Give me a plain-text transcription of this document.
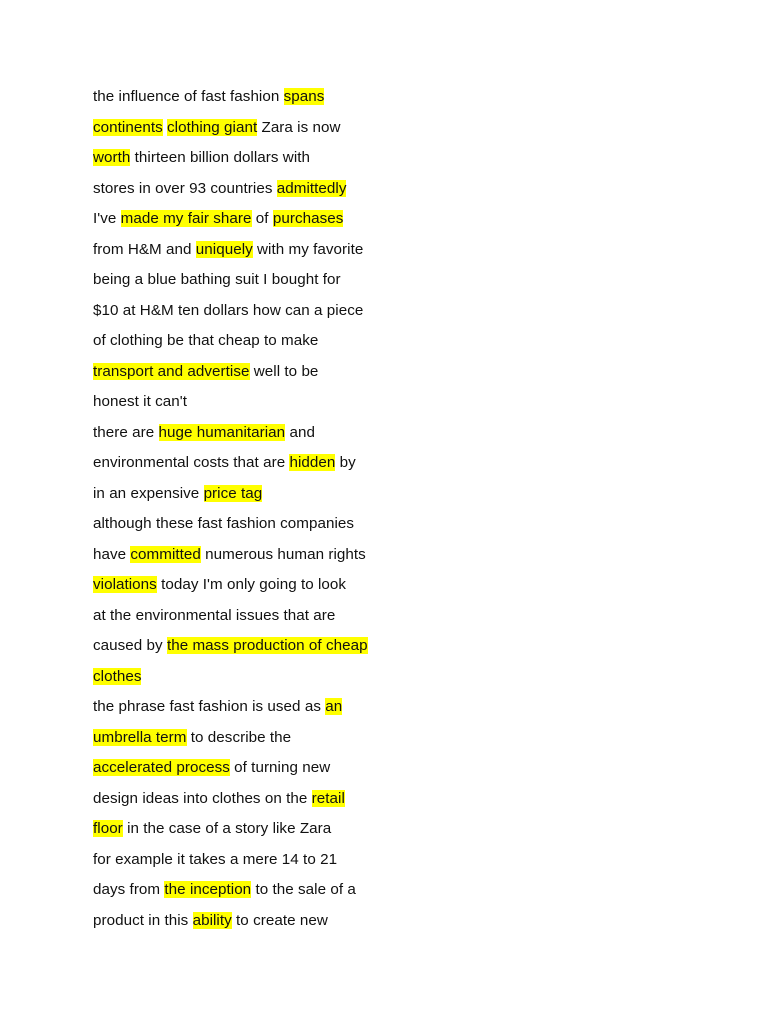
the influence of fast fashion spans
continents clothing giant Zara is now
worth thirteen billion dollars with
stores in over 93 countries admittedly
I've made my fair share of purchases
from H&M and uniquely with my favorite
being a blue bathing suit I bought for
$10 at H&M ten dollars how can a piece
of clothing be that cheap to make
transport and advertise well to be
honest it can't
there are huge humanitarian and
environmental costs that are hidden by
in an expensive price tag
although these fast fashion companies
have committed numerous human rights
violations today I'm only going to look
at the environmental issues that are
caused by the mass production of cheap
clothes
the phrase fast fashion is used as an
umbrella term to describe the
accelerated process of turning new
design ideas into clothes on the retail
floor in the case of a story like Zara
for example it takes a mere 14 to 21
days from the inception to the sale of a
product in this ability to create new
